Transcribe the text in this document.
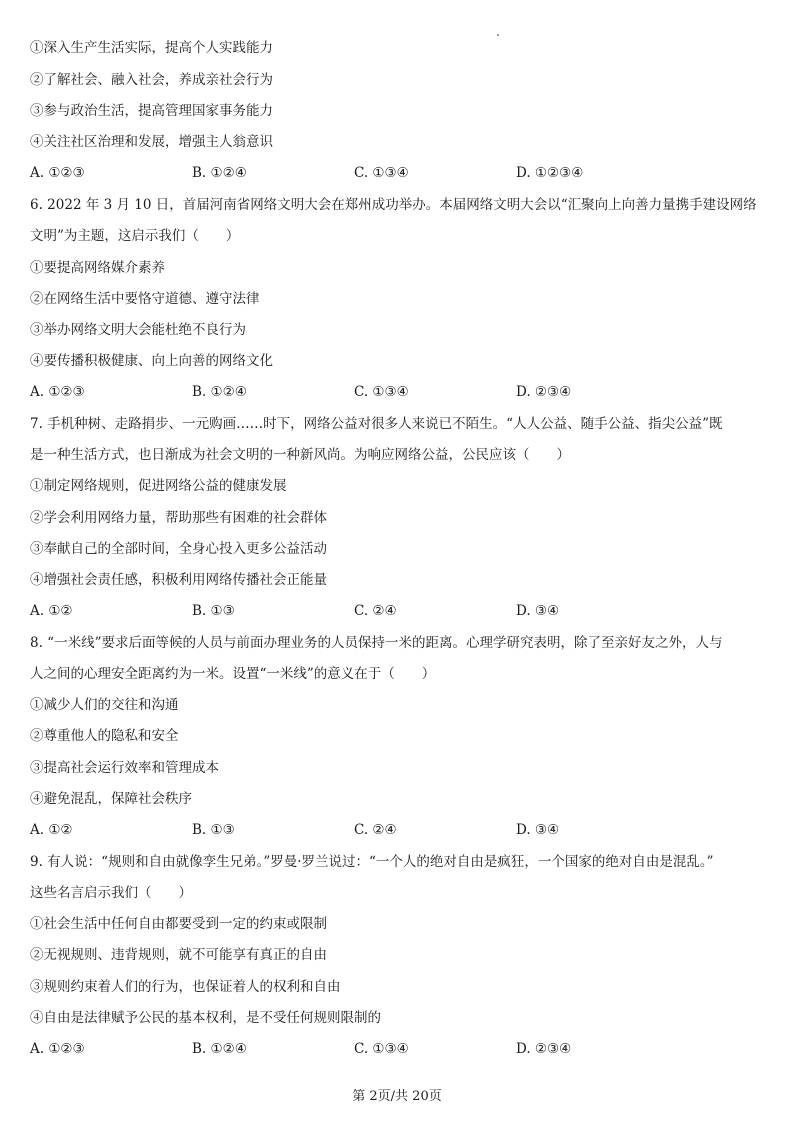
①深入生产生活实际，提高个人实践能力
②了解社会、融入社会，养成亲社会行为
③参与政治生活，提高管理国家事务能力
④关注社区治理和发展，增强主人翁意识
A. ①②③	B. ①②④	C. ①③④	D. ①②③④
6. 2022 年 3 月 10 日，首届河南省网络文明大会在郑州成功举办。本届网络文明大会以“汇聚向上向善力量携手建设网络
文明”为主题，这启示我们（　　）
①要提高网络媒介素养
②在网络生活中要恪守道德、遵守法律
③举办网络文明大会能杜绝不良行为
④要传播积极健康、向上向善的网络文化
A. ①②③	B. ①②④	C. ①③④	D. ②③④
7. 手机种树、走路捐步、一元购画……时下，网络公益对很多人来说已不陌生。“人人公益、随手公益、指尖公益”既
是一种生活方式，也日渐成为社会文明的一种新风尚。为响应网络公益，公民应该（　　）
①制定网络规则，促进网络公益的健康发展
②学会利用网络力量，帮助那些有困难的社会群体
③奉献自己的全部时间，全身心投入更多公益活动
④增强社会责任感，积极利用网络传播社会正能量
A. ①②	B. ①③	C. ②④	D. ③④
8. “一米线”要求后面等候的人员与前面办理业务的人员保持一米的距离。心理学研究表明，除了至亲好友之外，人与
人之间的心理安全距离约为一米。设置“一米线”的意义在于（　　）
①减少人们的交往和沟通
②尊重他人的隐私和安全
③提高社会运行效率和管理成本
④避免混乱，保障社会秩序
A. ①②	B. ①③	C. ②④	D. ③④
9. 有人说：“规则和自由就像孪生兄弟。”罗曼·罗兰说过：“一个人的绝对自由是疯狂，一个国家的绝对自由是混乱。”
这些名言启示我们（　　）
①社会生活中任何自由都要受到一定的约束或限制
②无视规则、违背规则，就不可能享有真正的自由
③规则约束着人们的行为，也保证着人的权利和自由
④自由是法律赋予公民的基本权利，是不受任何规则限制的
A. ①②③	B. ①②④	C. ①③④	D. ②③④
第 2页/共 20页
